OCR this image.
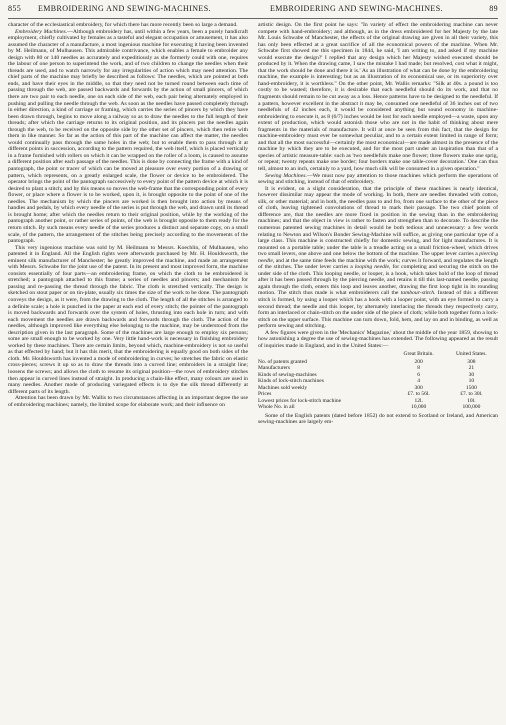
855 EMBROIDERING AND SEWING-MACHINES.	EMBROIDERING AND SEWING-MACHINES.	89

character of the ecclesiastical embroidery, for which there has more recently been so large a demand.

Embroidery Machines.—Although embroidery has, until within a few years, been a purely handicraft employment, chiefly cultivated by females as a tasteful and elegant occupation or amusement, it has also assumed the character of a manufacture, a most ingenious machine for executing it having been invented by M. Heilmann, of Mulhausen. This admirable contrivance, which enables a female to embroider any design with 80 or 140 needles as accurately and expeditiously as she formerly could with one, requires the labour of one person to superintend the work, and of two children to change the needles when their threads are used, and to watch narrowly for any irregularities of action which may need attention. The chief parts of the machine may briefly be described as follows: The needles, which are pointed at both ends, and have their eyes in the middle, so that they need not be turned round between each time of passing through the web, are passed backwards and forwards by the action of small pincers, of which there are two pair to each needle, one on each side of the web, each pair being alternately employed in pushing and pulling the needle through the web. As soon as the needles have passed completely through in either direction, a kind of carriage or framing, which carries the series of pincers by which they have been drawn through, begins to move along a railway so as to draw the needles to the full length of their threads; after which the carriage returns to its original position, and its pincers put the needles again through the web, to be received on the opposite side by the other set of pincers, which then retire with them in like manner. So far as the action of this part of the machine can affect the matter, the needles would continually pass through the same holes in the web; but to enable them to pass through it at different points in succession, according to the pattern required, the web itself, which is placed vertically in a frame furnished with rollers on which it can be wrapped on the roller of a loom, is caused to assume a different position after each passage of the needles. This is done by connecting the frame with a kind of pantograph, the point or tracer of which can be moved at pleasure over every portion of a drawing or pattern, which represents, on a greatly enlarged scale, the flower or device to be embroidered. The operator brings the point of the pantograph successively to every point of the pattern device at which it is desired to plant a stitch; and by this means so moves the web-frame that the corresponding point of every flower, or place where a flower is to be worked, upon it, is brought opposite to the point of one of the needles. The mechanism by which the pincers are worked is then brought into action by means of handles and pedals, by which every needle of the series is put through the web, and drawn until its thread is brought home; after which the needles return to their original position, while by the working of the pantograph another point, or rather series of points, of the web is brought opposite to them ready for the return stitch. By such means every needle of the series produces a distinct and separate copy, on a small scale, of the pattern, the arrangement of the stitches being precisely according to the movements of the pantograph.

This very ingenious machine was sold by M. Heilmann to Messrs. Koechlin, of Mulhausen, who patented it in England. All the English rights were afterwards purchased by Mr. H. Houldsworth, the eminent silk manufacturer of Manchester; he greatly improved the machine, and made an arrangement with Messrs. Schwabe for the joint use of the patent. In its present and most improved form, the machine consists essentially of four parts—an embroidering frame, on which the cloth to be embroidered is stretched; a pantograph attached to this frame; a series of needles and pincers; and mechanism for passing and re-passing the thread through the fabric. The cloth is stretched vertically. The design is sketched on stout paper or on tin-plate, usually six times the size of the work to be done. The pantograph conveys the design, as it were, from the drawing to the cloth. The length of all the stitches is arranged to a definite scale; a hole is punched in the paper at each end of every stitch; the pointer of the pantograph is moved backwards and forwards over the system of holes, thrusting into each hole in turn; and with each movement the needles are drawn backwards and forwards through the cloth. The action of the needles, although improved like everything else belonging to the machine, may be understood from the description given in the last paragraph. Some of the machines are large enough to employ six persons; some are small enough to be worked by one. Very little hand-work is necessary in finishing embroidery worked by these machines. There are certain limits, beyond which, machine-embroidery is not so useful as that effected by hand; but it has this merit, that the embroidering is equally good on both sides of the cloth. Mr. Houldsworth has invented a mode of embroidering in curves; he stretches the fabric on elastic cross-pieces; screws it up so as to draw the threads into a curved line; embroiders in a straight line; loosens the screws; and allows the cloth to resume its original position—the rows of embroidery stitches then appear in curved lines instead of straight. In producing a chain-like effect, many colours are used in many needles. Another mode of producing variegated effects is to dye the silk thread differently at different parts of its length.

Attention has been drawn by Mr. Wallis to two circumstances affecting in an important degree the use of embroidering machines; namely, the limited scope for elaborate work; and their influence on

artistic design. On the first point he says: "In variety of effect the embroidering machine can never compete with hand-embroidery; and although, as in the dress embroidered for her Majesty by the late Mr. Louis Schwabe of Manchester, the effects of the original drawing are given in all their variety, this has only been effected at a great sacrifice of all the economical powers of the machine. When Mr. Schwabe first showed me this specimen in 1844, he said, 'I am writing to, and asked if my machine would execute the design?' I replied that any design which her Majesty wished executed should be produced by it. When the drawing came, I saw the mistake I had made; but resolved, cost what it might, that the work should be done and there it is.' As an illustration of what can be done by the embroidering machine, the example is interesting; but as an illustration of its economical use, or its superiority over hand-embroidery, it is worthless." On the other point, Mr. Wallis remarks: "Silk at 40s. a pound is too costly to be wasted; therefore, it is desirable that each needleful should do its work, and that no fragments should remain to be cut away as a loss. Hence patterns have to be designed to the needleful. If a pattern, however excellent in the abstract it may be, consumed one needleful of 36 inches out of two needlefuls of 42 inches each, it would be considered anything but sound economy in machine-embroidering to execute it, as 8 (6/7) inches would be lost for each needle employed—a waste, upon any extent of production, which would astonish those who are not in the habit of thinking about mere fragments in the materials of manufacture. It will at once be seen from this fact, that the design for machine-embroidery must ever be somewhat peculiar, and to a certain extent limited in range of form; and that all the most successful—certainly the most economical—are made almost in the presence of the machine by which they are to be executed, and for the most part under an inspiration than that of a species of artistic measure-table: such as 'two needlefuls make one flower; three flowers make one sprig, or repeat; twenty repeats make one border; four borders make one table-cover decoration.' One can thus tell, almost to an inch, certainly to a yard, how much silk will be consumed in a given operation."

Sewing Machines.—We must now pay attention to those machines which perform the operations of sewing and stitching, instead of that of embroidery.

It is evident, on a slight consideration, that the principle of these machines is nearly identical, however dissimilar may appear the mode of working. In both, there are needles threaded with cotton, silk, or other material; and in both, the needles pass to and fro, from one surface to the other of the piece of cloth, leaving tightened convolutions of thread to mark their passage. The two chief points of difference are, that the needles are more fixed in position in the sewing than in the embroidering machines; and that the object in view is rather to fasten and strengthen than to decorate. To describe the numerous patented sewing machines in detail would be both tedious and unnecessary: a few words relating to Newton and Wilson's Bonder Sewing-Machine will suffice, as giving one particular type of a large class. This machine is constructed chiefly for domestic sewing, and for light manufactures. It is mounted on a portable table; under the table is a treadle acting on a small friction-wheel, which drives two small levers, one above and one below the bottom of the machine. The upper lever carries a piercing needle, and at the same time feeds the machine with the work; curves it forward, and regulates the length of the stitches. The under lever carries a looping needle, for completing and securing the stitch on the under side of the cloth. This looping needle, or looper, is a hook, which takes hold of the loop of thread after it has been passed through by the piercing needle, and retains it till this last-named needle, passing again through the cloth, enters this loop and leaves another, drawing the first loop tight in its rounding motion. The stitch thus made is what embroiderers call the tambour-stitch. Instead of this a different stitch is formed, by using a looper which has a hook with a looper point, with an eye formed to carry a second thread; the needle and this looper, by alternately interlacing the threads they respectively carry, form an interlaced or chain-stitch on the under side of the piece of cloth; while both together form a lock-stitch on the upper surface. This machine can turn down, fold, hem, and lay on and in binding, as well as perform sewing and stitching.

A few figures were given in the 'Mechanics' Magazine,' about the middle of the year 1859, showing to how astonishing a degree the use of sewing-machines has extended. The following appeared as the result of inquiries made in England, and in the United States:—

	Great Britain.	United States.
No. of patents granted	200	308
Manufacturers	8	21
Kinds of sewing-machines	6	30
Kinds of lock-stitch machines	4	10
Machines sold weekly	300	1500
Prices	£7. to 56l.	£7. to 30l.
Lowest prices for lock-stitch machine	12l.	10l.
Whole No. in all	10,000	100,000

Some of the English patents (dated before 1852) do not extend to Scotland or Ireland, and American sewing-machines are largely em-
